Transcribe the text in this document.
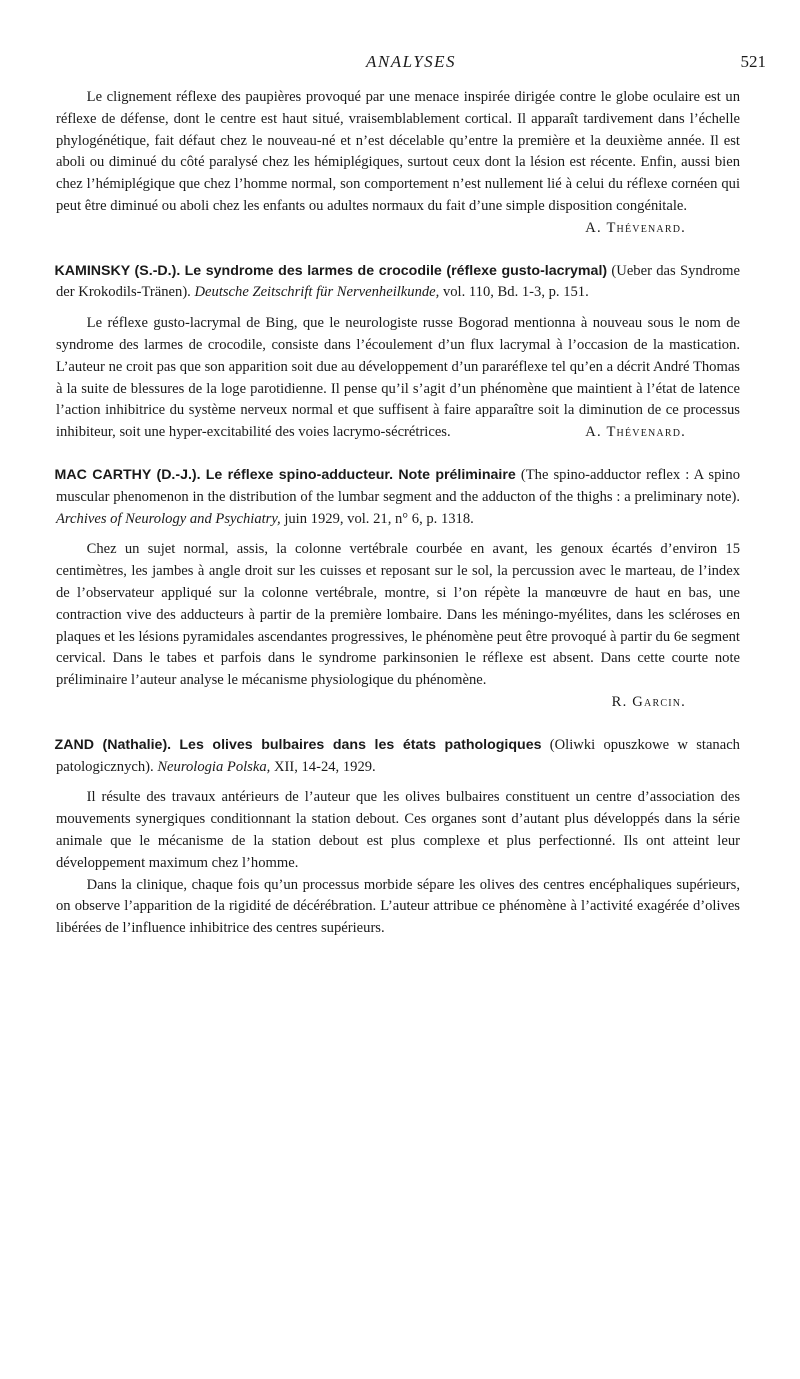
ANALYSES	521

Le clignement réflexe des paupières provoqué par une menace inspirée dirigée contre le globe oculaire est un réflexe de défense, dont le centre est haut situé, vraisemblablement cortical. Il apparaît tardivement dans l’échelle phylogénétique, fait défaut chez le nouveau-né et n’est décelable qu’entre la première et la deuxième année. Il est aboli ou diminué du côté paralysé chez les hémiplégiques, surtout ceux dont la lésion est récente. Enfin, aussi bien chez l’hémiplégique que chez l’homme normal, son comportement n’est nullement lié à celui du réflexe cornéen qui peut être diminué ou aboli chez les enfants ou adultes normaux du fait d’une simple disposition congénitale.

A. Thévenard.

KAMINSKY (S.-D.). Le syndrome des larmes de crocodile (réflexe gusto-lacrymal) (Ueber das Syndrome der Krokodils-Tränen). Deutsche Zeitschrift für Nervenheilkunde, vol. 110, Bd. 1-3, p. 151.

Le réflexe gusto-lacrymal de Bing, que le neurologiste russe Bogorad mentionna à nouveau sous le nom de syndrome des larmes de crocodile, consiste dans l’écoulement d’un flux lacrymal à l’occasion de la mastication. L’auteur ne croit pas que son apparition soit due au développement d’un pararéflexe tel qu’en a décrit André Thomas à la suite de blessures de la loge parotidienne. Il pense qu’il s’agit d’un phénomène que maintient à l’état de latence l’action inhibitrice du système nerveux normal et que suffisent à faire apparaître soit la diminution de ce processus inhibiteur, soit une hyper-excitabilité des voies lacrymo-sécrétrices.	A. Thévenard.

MAC CARTHY (D.-J.). Le réflexe spino-adducteur. Note préliminaire (The spino-adductor reflex : A spino muscular phenomenon in the distribution of the lumbar segment and the adducton of the thighs : a preliminary note). Archives of Neurology and Psychiatry, juin 1929, vol. 21, n° 6, p. 1318.

Chez un sujet normal, assis, la colonne vertébrale courbée en avant, les genoux écartés d’environ 15 centimètres, les jambes à angle droit sur les cuisses et reposant sur le sol, la percussion avec le marteau, de l’index de l’observateur appliqué sur la colonne vertébrale, montre, si l’on répète la manœuvre de haut en bas, une contraction vive des adducteurs à partir de la première lombaire. Dans les méningo-myélites, dans les scléroses en plaques et les lésions pyramidales ascendantes progressives, le phénomène peut être provoqué à partir du 6e segment cervical. Dans le tabes et parfois dans le syndrome parkinsonien le réflexe est absent. Dans cette courte note préliminaire l’auteur analyse le mécanisme physiologique du phénomène.

R. Garcin.

ZAND (Nathalie). Les olives bulbaires dans les états pathologiques (Oliwki opuszkowe w stanach patologicznych). Neurologia Polska, XII, 14-24, 1929.

Il résulte des travaux antérieurs de l’auteur que les olives bulbaires constituent un centre d’association des mouvements synergiques conditionnant la station debout. Ces organes sont d’autant plus développés dans la série animale que le mécanisme de la station debout est plus complexe et plus perfectionné. Ils ont atteint leur développement maximum chez l’homme.

Dans la clinique, chaque fois qu’un processus morbide sépare les olives des centres encéphaliques supérieurs, on observe l’apparition de la rigidité de décérébration. L’auteur attribue ce phénomène à l’activité exagérée d’olives libérées de l’influence inhibitrice des centres supérieurs.
